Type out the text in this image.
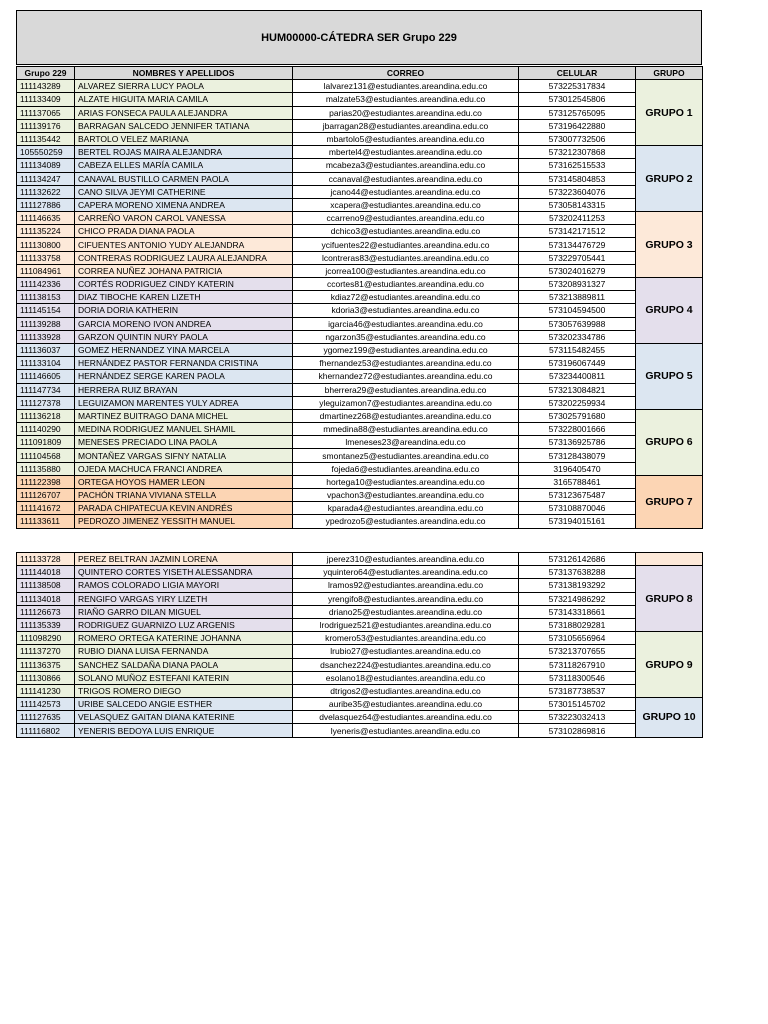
HUM00000-CÁTEDRA SER Grupo 229
Grupo 229	NOMBRES Y APELLIDOS	CORREO	CELULAR	GRUPO
111143289	ALVAREZ SIERRA LUCY PAOLA	lalvarez131@estudiantes.areandina.edu.co	573225317834	GRUPO 1
111133409	ALZATE HIGUITA MARIA CAMILA	malzate53@estudiantes.areandina.edu.co	573012545806	
111137065	ARIAS FONSECA PAULA ALEJANDRA	parias20@estudiantes.areandina.edu.co	573125765095	
111139176	BARRAGAN SALCEDO JENNIFER TATIANA	jbarragan28@estudiantes.areandina.edu.co	573196422880	
111135442	BARTOLO VELEZ MARIANA	mbartolo5@estudiantes.areandina.edu.co	573007732506	
105550259	BERTEL ROJAS MAIRA ALEJANDRA	mbertel4@estudiantes.areandina.edu.co	573212307868	GRUPO 2
111134089	CABEZA ELLES MARÍA CAMILA	mcabeza3@estudiantes.areandina.edu.co	573162515533	
111134247	CANAVAL BUSTILLO CARMEN PAOLA	ccanaval@estudiantes.areandina.edu.co	573145804853	
111132622	CANO SILVA JEYMI CATHERINE	jcano44@estudiantes.areandina.edu.co	573223604076	
111127886	CAPERA MORENO XIMENA ANDREA	xcapera@estudiantes.areandina.edu.co	573058143315	
111146635	CARREÑO VARON CAROL VANESSA	ccarreno9@estudiantes.areandina.edu.co	573202411253	GRUPO 3
111135224	CHICO PRADA DIANA PAOLA	dchico3@estudiantes.areandina.edu.co	573142171512	
111130800	CIFUENTES ANTONIO YUDY ALEJANDRA	ycifuentes22@estudiantes.areandina.edu.co	573134476729	
111133758	CONTRERAS RODRIGUEZ LAURA ALEJANDRA	lcontreras83@estudiantes.areandina.edu.co	573229705441	
111084961	CORREA NUÑEZ JOHANA PATRICIA	jcorrea100@estudiantes.areandina.edu.co	573024016279	
111142336	CORTÉS RODRIGUEZ CINDY KATERIN	ccortes81@estudiantes.areandina.edu.co	573208931327	GRUPO 4
111138153	DIAZ TIBOCHE KAREN LIZETH	kdiaz72@estudiantes.areandina.edu.co	573213889811	
111145154	DORIA DORIA KATHERIN	kdoria3@estudiantes.areandina.edu.co	573104594500	
111139288	GARCIA MORENO IVON ANDREA	igarcia46@estudiantes.areandina.edu.co	573057639988	
111133928	GARZON QUINTIN NURY PAOLA	ngarzon35@estudiantes.areandina.edu.co	573202334786	
111136037	GOMEZ HERNANDEZ YINA MARCELA	ygomez199@estudiantes.areandina.edu.co	573115482455	GRUPO 5
111133104	HERNÁNDEZ PASTOR FERNANDA CRISTINA	fhernandez53@estudiantes.areandina.edu.co	573196067449	
111146605	HERNÁNDEZ SERGE KAREN PAOLA	khernandez72@estudiantes.areandina.edu.co	573234400811	
111147734	HERRERA RUIZ BRAYAN	bherrera29@estudiantes.areandina.edu.co	573213084821	
111127378	LEGUIZAMON MARENTES YULY ADREA	yleguizamon7@estudiantes.areandina.edu.co	573202259934	
111136218	MARTINEZ BUITRAGO DANA MICHEL	dmartinez268@estudiantes.areandina.edu.co	573025791680	GRUPO 6
111140290	MEDINA RODRIGUEZ MANUEL SHAMIL	mmedina88@estudiantes.areandina.edu.co	573228001666	
111091809	MENESES PRECIADO LINA PAOLA	lmeneses23@areandina.edu.co	573136925786	
111104568	MONTAÑEZ VARGAS SIFNY NATALIA	smontanez5@estudiantes.areandina.edu.co	573128438079	
111135880	OJEDA MACHUCA FRANCI ANDREA	fojeda6@estudiantes.areandina.edu.co	3196405470	
111122398	ORTEGA HOYOS HAMER LEON	hortega10@estudiantes.areandina.edu.co	3165788461	GRUPO 7
111126707	PACHÓN TRIANA VIVIANA STELLA	vpachon3@estudiantes.areandina.edu.co	573123675487	
111141672	PARADA CHIPATECUA KEVIN ANDRÉS	kparada4@estudiantes.areandina.edu.co	573108870046	
111133611	PEDROZO JIMENEZ YESSITH MANUEL	ypedrozo5@estudiantes.areandina.edu.co	573194015161	
111133728	PEREZ BELTRAN JAZMIN LORENA	jperez310@estudiantes.areandina.edu.co	573126142686	
111144018	QUINTERO CORTES YISETH ALESSANDRA	yquintero64@estudiantes.areandina.edu.co	573137638288	GRUPO 8
111138508	RAMOS COLORADO LIGIA MAYORI	lramos92@estudiantes.areandina.edu.co	573138193292	
111134018	RENGIFO VARGAS YIRY LIZETH	yrengifo8@estudiantes.areandina.edu.co	573214986292	
111126673	RIAÑO GARRO DILAN MIGUEL	driano25@estudiantes.areandina.edu.co	573143318661	
111135339	RODRIGUEZ GUARNIZO LUZ ARGENIS	lrodriguez521@estudiantes.areandina.edu.co	573188029281	
111098290	ROMERO ORTEGA KATERINE JOHANNA	kromero53@estudiantes.areandina.edu.co	573105656964	GRUPO 9
111137270	RUBIO DIANA LUISA FERNANDA	lrubio27@estudiantes.areandina.edu.co	573213707655	
111136375	SANCHEZ SALDAÑA DIANA PAOLA	dsanchez224@estudiantes.areandina.edu.co	573118267910	
111130866	SOLANO MUÑOZ ESTEFANI KATERIN	esolano18@estudiantes.areandina.edu.co	573118300546	
111141230	TRIGOS ROMERO DIEGO	dtrigos2@estudiantes.areandina.edu.co	573187738537	
111142573	URIBE SALCEDO ANGIE ESTHER	auribe35@estudiantes.areandina.edu.co	573015145702	GRUPO 10
111127635	VELASQUEZ GAITAN DIANA KATERINE	dvelasquez64@estudiantes.areandina.edu.co	573223032413	
111116802	YENERIS BEDOYA LUIS ENRIQUE	lyeneris@estudiantes.areandina.edu.co	573102869816	
